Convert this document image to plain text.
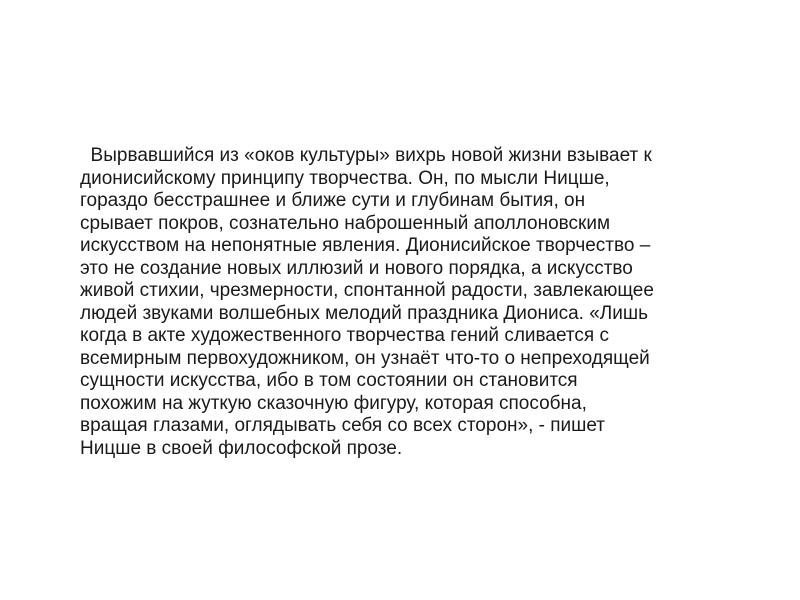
Вырвавшийся из «оков культуры» вихрь новой жизни взывает к
дионисийскому принципу творчества. Он, по мысли Ницше,
гораздо бесстрашнее и ближе сути и глубинам бытия, он
срывает покров, сознательно наброшенный аполлоновским
искусством на непонятные явления. Дионисийское творчество –
это не создание новых иллюзий и нового порядка, а искусство
живой стихии, чрезмерности, спонтанной радости, завлекающее
людей звуками волшебных мелодий праздника Диониса. «Лишь
когда в акте художественного творчества гений сливается с
всемирным первохудожником, он узнаёт что-то о непреходящей
сущности искусства, ибо в том состоянии он становится
похожим на жуткую сказочную фигуру, которая способна,
вращая глазами, оглядывать себя со всех сторон», - пишет
Ницше в своей философской прозе.
